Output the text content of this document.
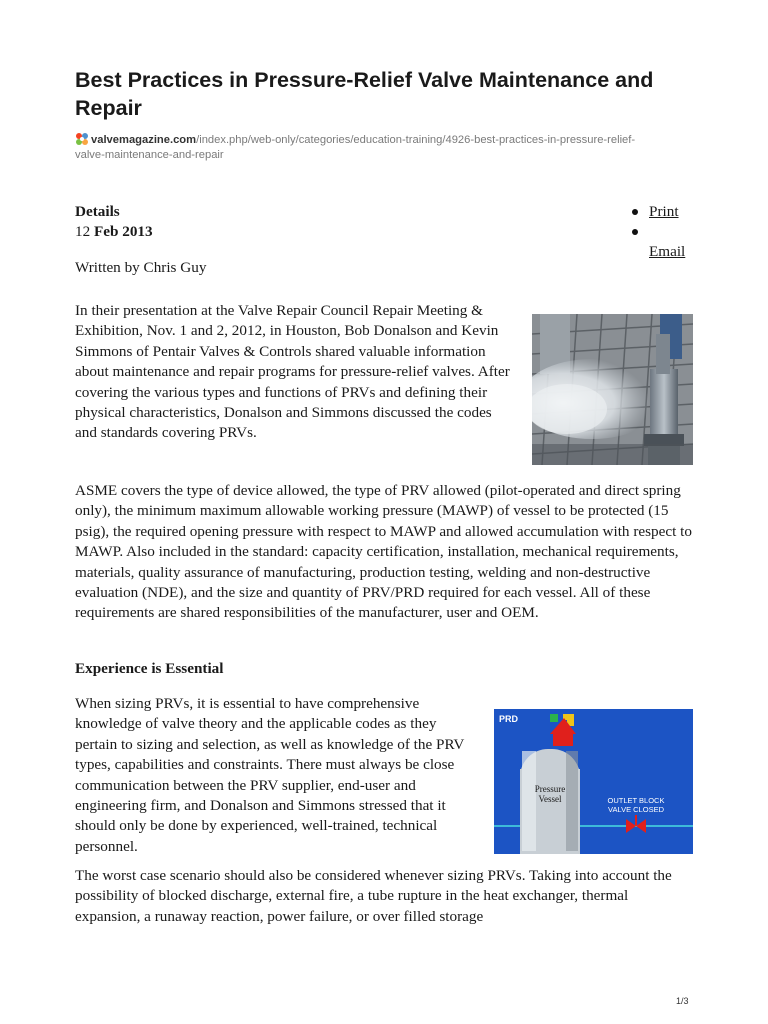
Best Practices in Pressure-Relief Valve Maintenance and Repair
valvemagazine.com/index.php/web-only/categories/education-training/4926-best-practices-in-pressure-relief-
valve-maintenance-and-repair
Details
12 Feb 2013
Print
Email
Written by Chris Guy

In their presentation at the Valve Repair Council Repair Meeting & Exhibition, Nov. 1 and 2, 2012, in Houston, Bob Donalson and Kevin Simmons of Pentair Valves & Controls shared valuable information about maintenance and repair programs for pressure-relief valves. After covering the various types and functions of PRVs and defining their physical characteristics, Donalson and Simmons discussed the codes and standards covering PRVs.

ASME covers the type of device allowed, the type of PRV allowed (pilot-operated and direct spring only), the minimum maximum allowable working pressure (MAWP) of vessel to be protected (15 psig), the required opening pressure with respect to MAWP and allowed accumulation with respect to MAWP. Also included in the standard: capacity certification, installation, mechanical requirements, materials, quality assurance of manufacturing, production testing, welding and non-destructive evaluation (NDE), and the size and quantity of PRV/PRD required for each vessel. All of these requirements are shared responsibilities of the manufacturer, user and OEM.

Experience is Essential

When sizing PRVs, it is essential to have comprehensive knowledge of valve theory and the applicable codes as they pertain to sizing and selection, as well as knowledge of the PRV types, capabilities and constraints. There must always be close communication between the PRV supplier, end-user and engineering firm, and Donalson and Simmons stressed that it should only be done by experienced, well-trained, technical personnel.

PRD
Pressure
Vessel	OUTLET BLOCK
VALVE CLOSED

The worst case scenario should also be considered whenever sizing PRVs. Taking into account the possibility of blocked discharge, external fire, a tube rupture in the heat exchanger, thermal expansion, a runaway reaction, power failure, or over filled storage

1/3
